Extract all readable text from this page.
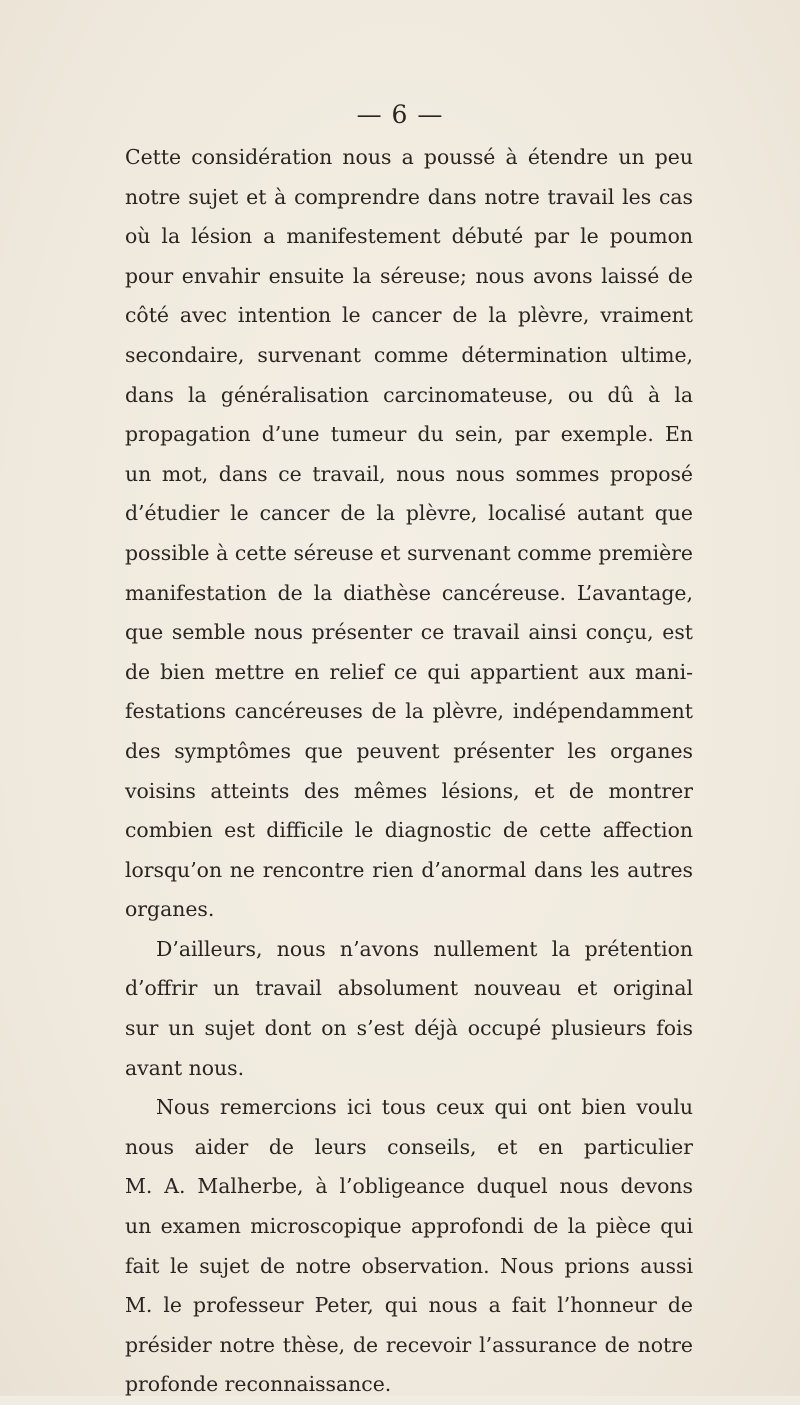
— 6 —
Cette considération nous a poussé à étendre un peu
notre sujet et à comprendre dans notre travail les cas
où la lésion a manifestement débuté par le poumon
pour envahir ensuite la séreuse; nous avons laissé de
côté avec intention le cancer de la plèvre, vraiment
secondaire, survenant comme détermination ultime,
dans la généralisation carcinomateuse, ou dû à la
propagation d’une tumeur du sein, par exemple. En
un mot, dans ce travail, nous nous sommes proposé
d’étudier le cancer de la plèvre, localisé autant que
possible à cette séreuse et survenant comme première
manifestation de la diathèse cancéreuse. L’avantage,
que semble nous présenter ce travail ainsi conçu, est
de bien mettre en relief ce qui appartient aux mani-
festations cancéreuses de la plèvre, indépendamment
des symptômes que peuvent présenter les organes
voisins atteints des mêmes lésions, et de montrer
combien est difficile le diagnostic de cette affection
lorsqu’on ne rencontre rien d’anormal dans les autres
organes.
D’ailleurs, nous n’avons nullement la prétention
d’offrir un travail absolument nouveau et original
sur un sujet dont on s’est déjà occupé plusieurs fois
avant nous.
Nous remercions ici tous ceux qui ont bien voulu
nous aider de leurs conseils, et en particulier
M. A. Malherbe, à l’obligeance duquel nous devons
un examen microscopique approfondi de la pièce qui
fait le sujet de notre observation. Nous prions aussi
M. le professeur Peter, qui nous a fait l’honneur de
présider notre thèse, de recevoir l’assurance de notre
profonde reconnaissance.
